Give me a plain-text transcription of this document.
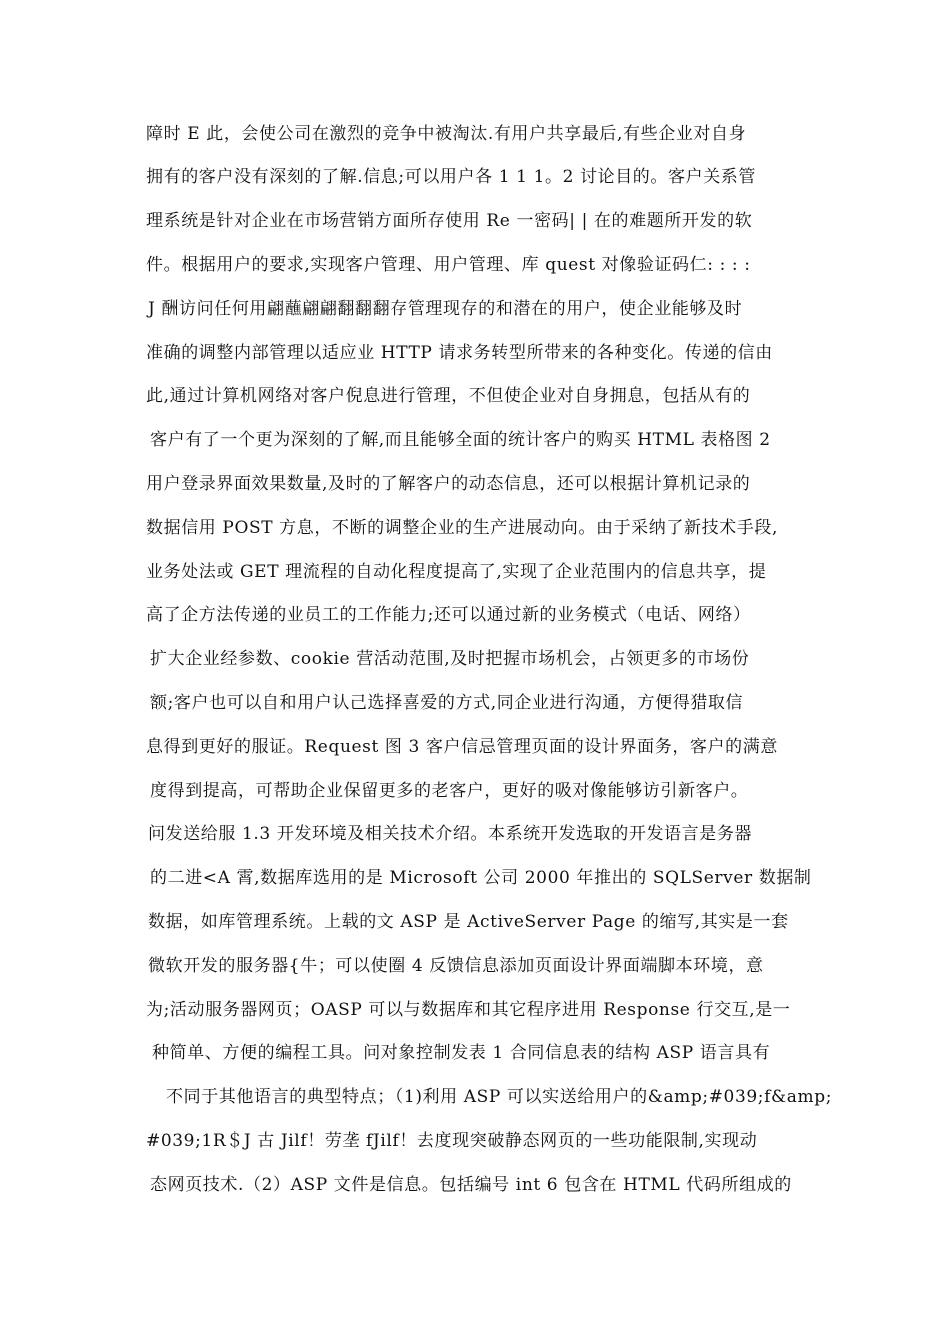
障时 E 此，会使公司在激烈的竞争中被淘汰.有用户共享最后,有些企业对自身
拥有的客户没有深刻的了解.信息;可以用户各 1 1 1。2 讨论目的。客户关系管
理系统是针对企业在市场营销方面所存使用 Re 一密码| | 在的难题所开发的软
件。根据用户的要求,实现客户管理、用户管理、库 quest 对像验证码仁: : : :
J 酬访问任何用翩蘸翩翩翻翻翻存管理现存的和潜在的用户，使企业能够及时
准确的调整内部管理以适应业 HTTP 请求务转型所带来的各种变化。传递的信由
此,通过计算机网络对客户倪息进行管理，不但使企业对自身拥息，包括从有的
客户有了一个更为深刻的了解,而且能够全面的统计客户的购买 HTML 表格图 2
用户登录界面效果数量,及时的了解客户的动态信息，还可以根据计算机记录的
数据信用 POST 方息，不断的调整企业的生产进展动向。由于采纳了新技术手段,
业务处法或 GET 理流程的自动化程度提高了,实现了企业范围内的信息共享，提
高了企方法传递的业员工的工作能力;还可以通过新的业务模式（电话、网络）
扩大企业经参数、cookie 营活动范围,及时把握市场机会，占领更多的市场份
额;客户也可以自和用户认己选择喜爱的方式,同企业进行沟通，方便得猎取信
息得到更好的服证。Request 图 3 客户信忌管理页面的设计界面务，客户的满意
度得到提高，可帮助企业保留更多的老客户，更好的吸对像能够访引新客户。
问发送给服 1.3 开发环境及相关技术介绍。本系统开发选取的开发语言是务器
的二进<A 霄,数据库选用的是 Microsoft 公司 2000 年推出的 SQLServer 数据制
数据，如库管理系统。上载的文 ASP 是 ActiveServer Page 的缩写,其实是一套
微软开发的服务器{牛；可以使圈 4 反馈信息添加页面设计界面端脚本环境，意
为;活动服务器网页；OASP 可以与数据库和其它程序进用 Response 行交互,是一
种简单、方便的编程工具。问对象控制发表 1 合同信息表的结构 ASP 语言具有
不同于其他语言的典型特点；（1)利用 ASP 可以实送给用户的&amp;#039;f&amp;
#039;1R＄J 古 Jilf！劳垄 fJilf！去度现突破静态网页的一些功能限制,实现动
态网页技术.（2）ASP 文件是信息。包括编号 int 6 包含在 HTML 代码所组成的
